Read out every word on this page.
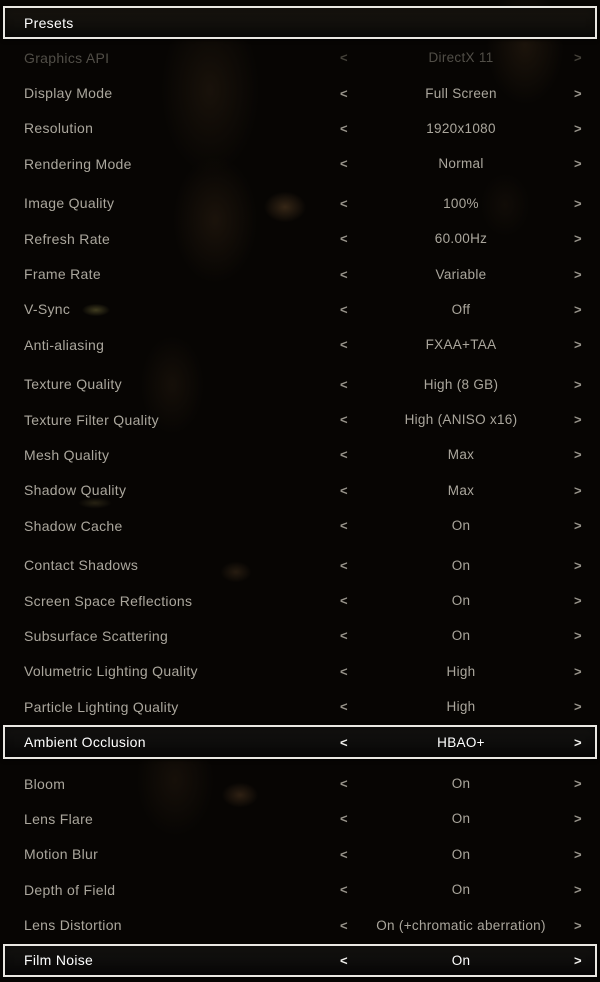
Presets
Graphics API	<	DirectX 11	>
Display Mode	<	Full Screen	>
Resolution	<	1920x1080	>
Rendering Mode	<	Normal	>
Image Quality	<	100%	>
Refresh Rate	<	60.00Hz	>
Frame Rate	<	Variable	>
V-Sync	<	Off	>
Anti-aliasing	<	FXAA+TAA	>
Texture Quality	<	High (8 GB)	>
Texture Filter Quality	<	High (ANISO x16)	>
Mesh Quality	<	Max	>
Shadow Quality	<	Max	>
Shadow Cache	<	On	>
Contact Shadows	<	On	>
Screen Space Reflections	<	On	>
Subsurface Scattering	<	On	>
Volumetric Lighting Quality	<	High	>
Particle Lighting Quality	<	High	>
Ambient Occlusion	<	HBAO+	>
Bloom	<	On	>
Lens Flare	<	On	>
Motion Blur	<	On	>
Depth of Field	<	On	>
Lens Distortion	<	On (+chromatic aberration)	>
Film Noise	<	On	>
